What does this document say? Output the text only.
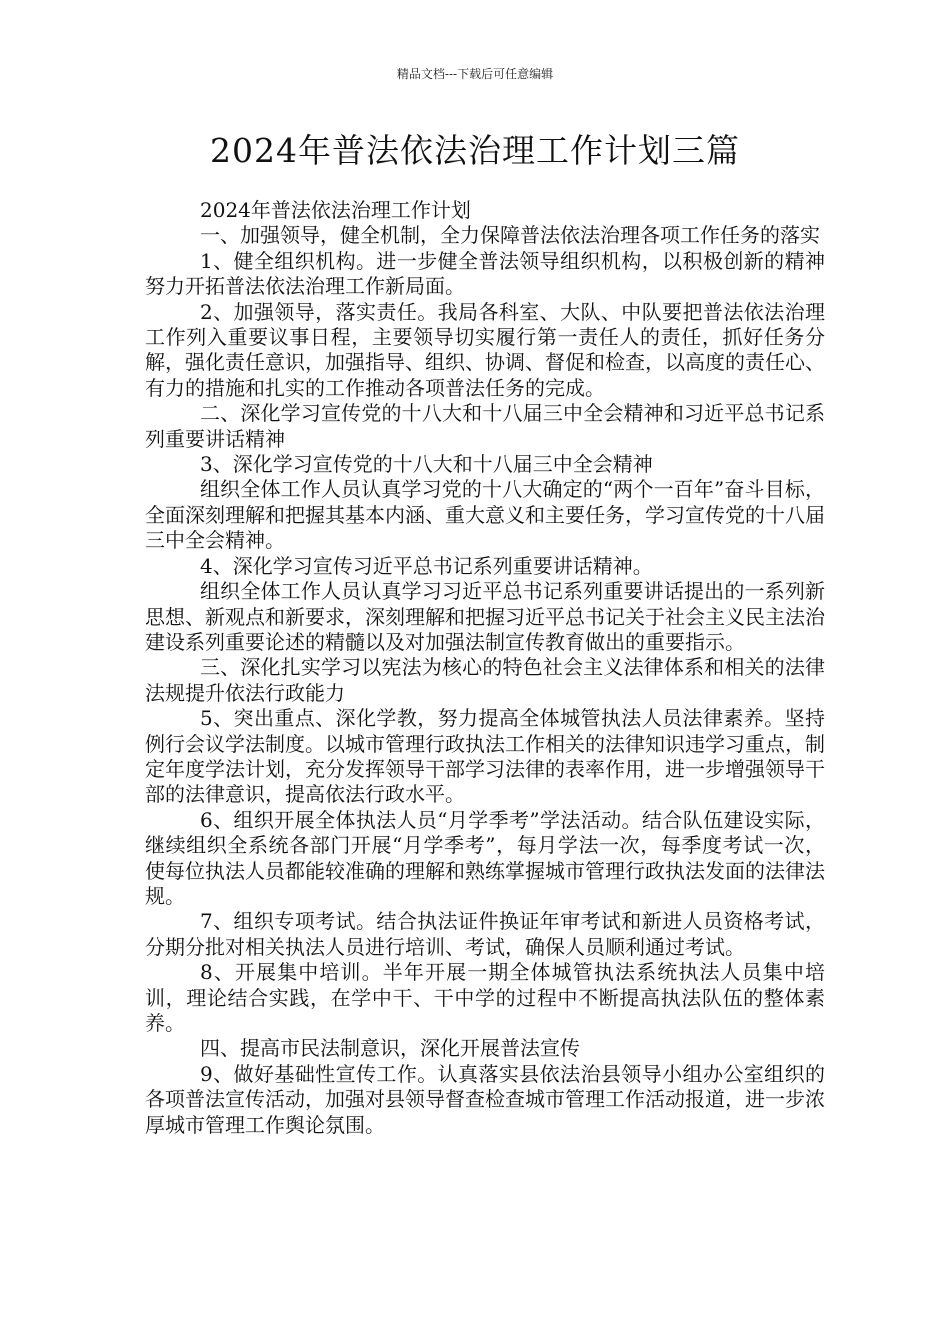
精品文档---下载后可任意编辑
2024年普法依法治理工作计划三篇

2024年普法依法治理工作计划

一、加强领导，健全机制，全力保障普法依法治理各项工作任务的落实

1、健全组织机构。进一步健全普法领导组织机构，以积极创新的精神努力开拓普法依法治理工作新局面。

2、加强领导，落实责任。我局各科室、大队、中队要把普法依法治理工作列入重要议事日程，主要领导切实履行第一责任人的责任，抓好任务分解，强化责任意识，加强指导、组织、协调、督促和检查，以高度的责任心、有力的措施和扎实的工作推动各项普法任务的完成。

二、深化学习宣传党的十八大和十八届三中全会精神和习近平总书记系列重要讲话精神

3、深化学习宣传党的十八大和十八届三中全会精神

组织全体工作人员认真学习党的十八大确定的“两个一百年”奋斗目标，全面深刻理解和把握其基本内涵、重大意义和主要任务，学习宣传党的十八届三中全会精神。

4、深化学习宣传习近平总书记系列重要讲话精神。

组织全体工作人员认真学习习近平总书记系列重要讲话提出的一系列新思想、新观点和新要求，深刻理解和把握习近平总书记关于社会主义民主法治建设系列重要论述的精髓以及对加强法制宣传教育做出的重要指示。

三、深化扎实学习以宪法为核心的特色社会主义法律体系和相关的法律法规提升依法行政能力

5、突出重点、深化学教，努力提高全体城管执法人员法律素养。坚持例行会议学法制度。以城市管理行政执法工作相关的法律知识违学习重点，制定年度学法计划，充分发挥领导干部学习法律的表率作用，进一步增强领导干部的法律意识，提高依法行政水平。

6、组织开展全体执法人员“月学季考”学法活动。结合队伍建设实际，继续组织全系统各部门开展“月学季考”，每月学法一次，每季度考试一次，使每位执法人员都能较准确的理解和熟练掌握城市管理行政执法发面的法律法规。

7、组织专项考试。结合执法证件换证年审考试和新进人员资格考试，分期分批对相关执法人员进行培训、考试，确保人员顺利通过考试。

8、开展集中培训。半年开展一期全体城管执法系统执法人员集中培训，理论结合实践，在学中干、干中学的过程中不断提高执法队伍的整体素养。

四、提高市民法制意识，深化开展普法宣传

9、做好基础性宣传工作。认真落实县依法治县领导小组办公室组织的各项普法宣传活动，加强对县领导督查检查城市管理工作活动报道，进一步浓厚城市管理工作舆论氛围。
